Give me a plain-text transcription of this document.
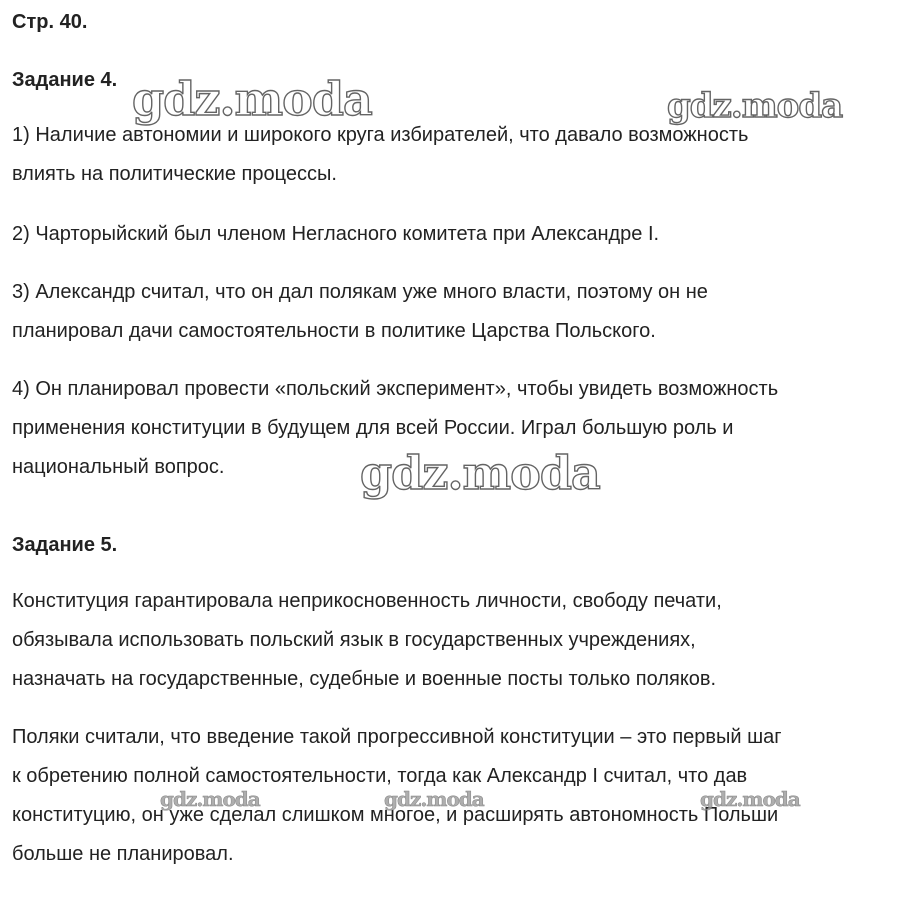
Стр. 40.
Задание 4.
1) Наличие автономии и широкого круга избирателей, что давало возможность
влиять на политические процессы.
2) Чарторыйский был членом Негласного комитета при Александре I.
3) Александр считал, что он дал полякам уже много власти, поэтому он не
планировал дачи самостоятельности в политике Царства Польского.
4) Он планировал провести «польский эксперимент», чтобы увидеть возможность
применения конституции в будущем для всей России. Играл большую роль и
национальный вопрос.
Задание 5.
Конституция гарантировала неприкосновенность личности, свободу печати,
обязывала использовать польский язык в государственных учреждениях,
назначать на государственные, судебные и военные посты только поляков.
Поляки считали, что введение такой прогрессивной конституции – это первый шаг
к обретению полной самостоятельности, тогда как Александр I считал, что дав
конституцию, он уже сделал слишком многое, и расширять автономность Польши
больше не планировал.
gdz.moda	gdz.moda
gdz.moda
gdz.moda	gdz.moda	gdz.moda
